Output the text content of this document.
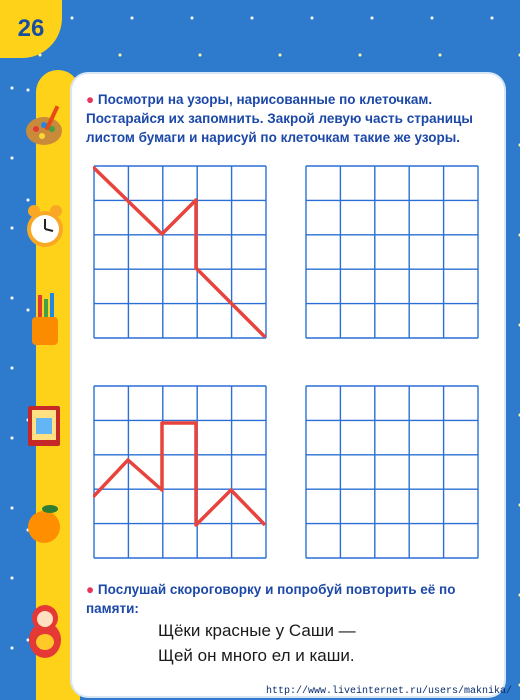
26
● Посмотри на узоры, нарисованные по клеточкам. Постарайся их запомнить. Закрой левую часть страницы листом бумаги и нарисуй по клеточкам такие же узоры.
● Послушай скороговорку и попробуй повторить её по памяти:
Щёки красные у Саши —
Щей он много ел и каши.
http://www.liveinternet.ru/users/maknika/
